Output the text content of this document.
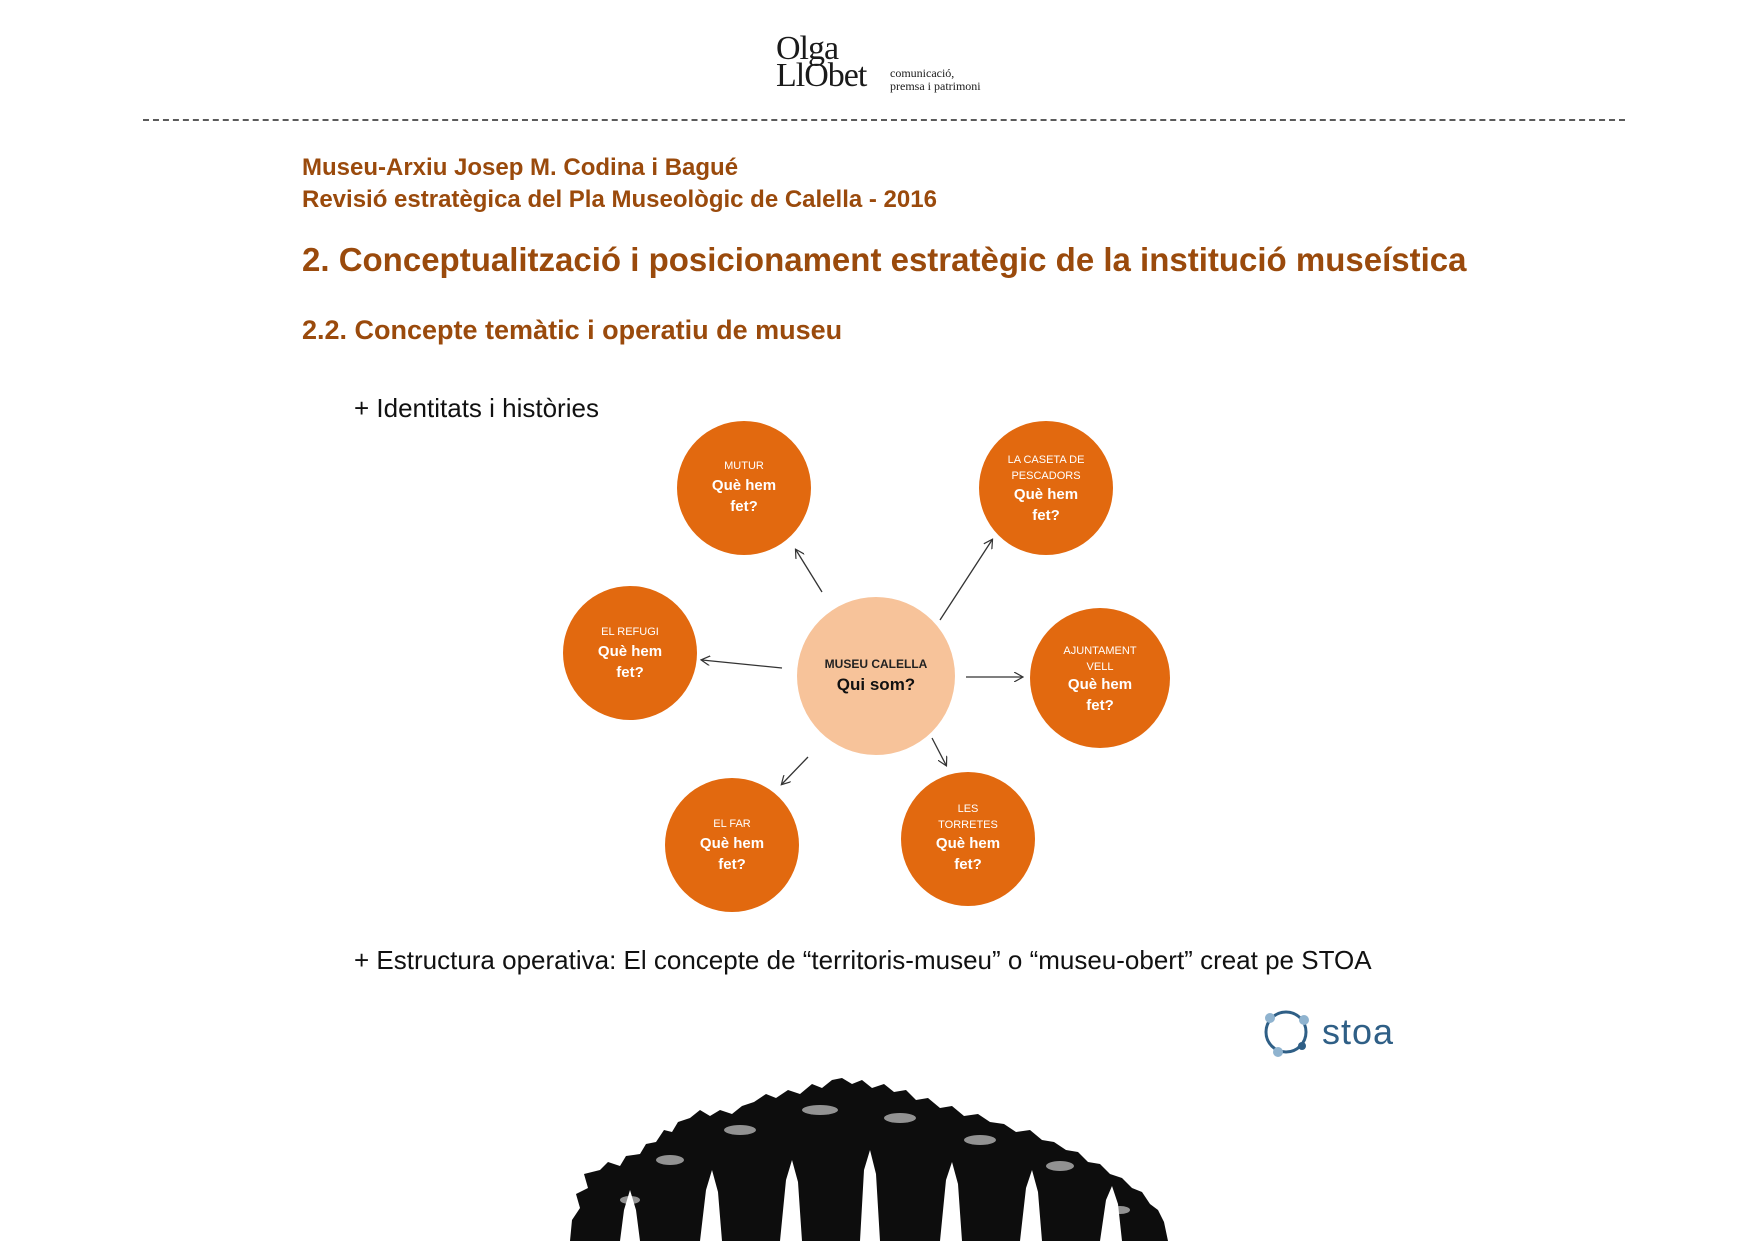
Olga
LlObet comunicació,
premsa i patrimoni
Museu-Arxiu Josep M. Codina i Bagué
Revisió estratègica del Pla Museològic de Calella - 2016
2. Conceptualització i posicionament estratègic de la institució museística
2.2. Concepte temàtic i operatiu de museu
+ Identitats i històries
MUSEU CALELLA
Qui som?
MUTUR
Què hem
fet?
LA CASETA DE
PESCADORS
Què hem
fet?
EL REFUGI
Què hem
fet?
AJUNTAMENT
VELL
Què hem
fet?
EL FAR
Què hem
fet?
LES
TORRETES
Què hem
fet?
+ Estructura operativa: El concepte de “territoris-museu” o “museu-obert” creat pe STOA
stoa
